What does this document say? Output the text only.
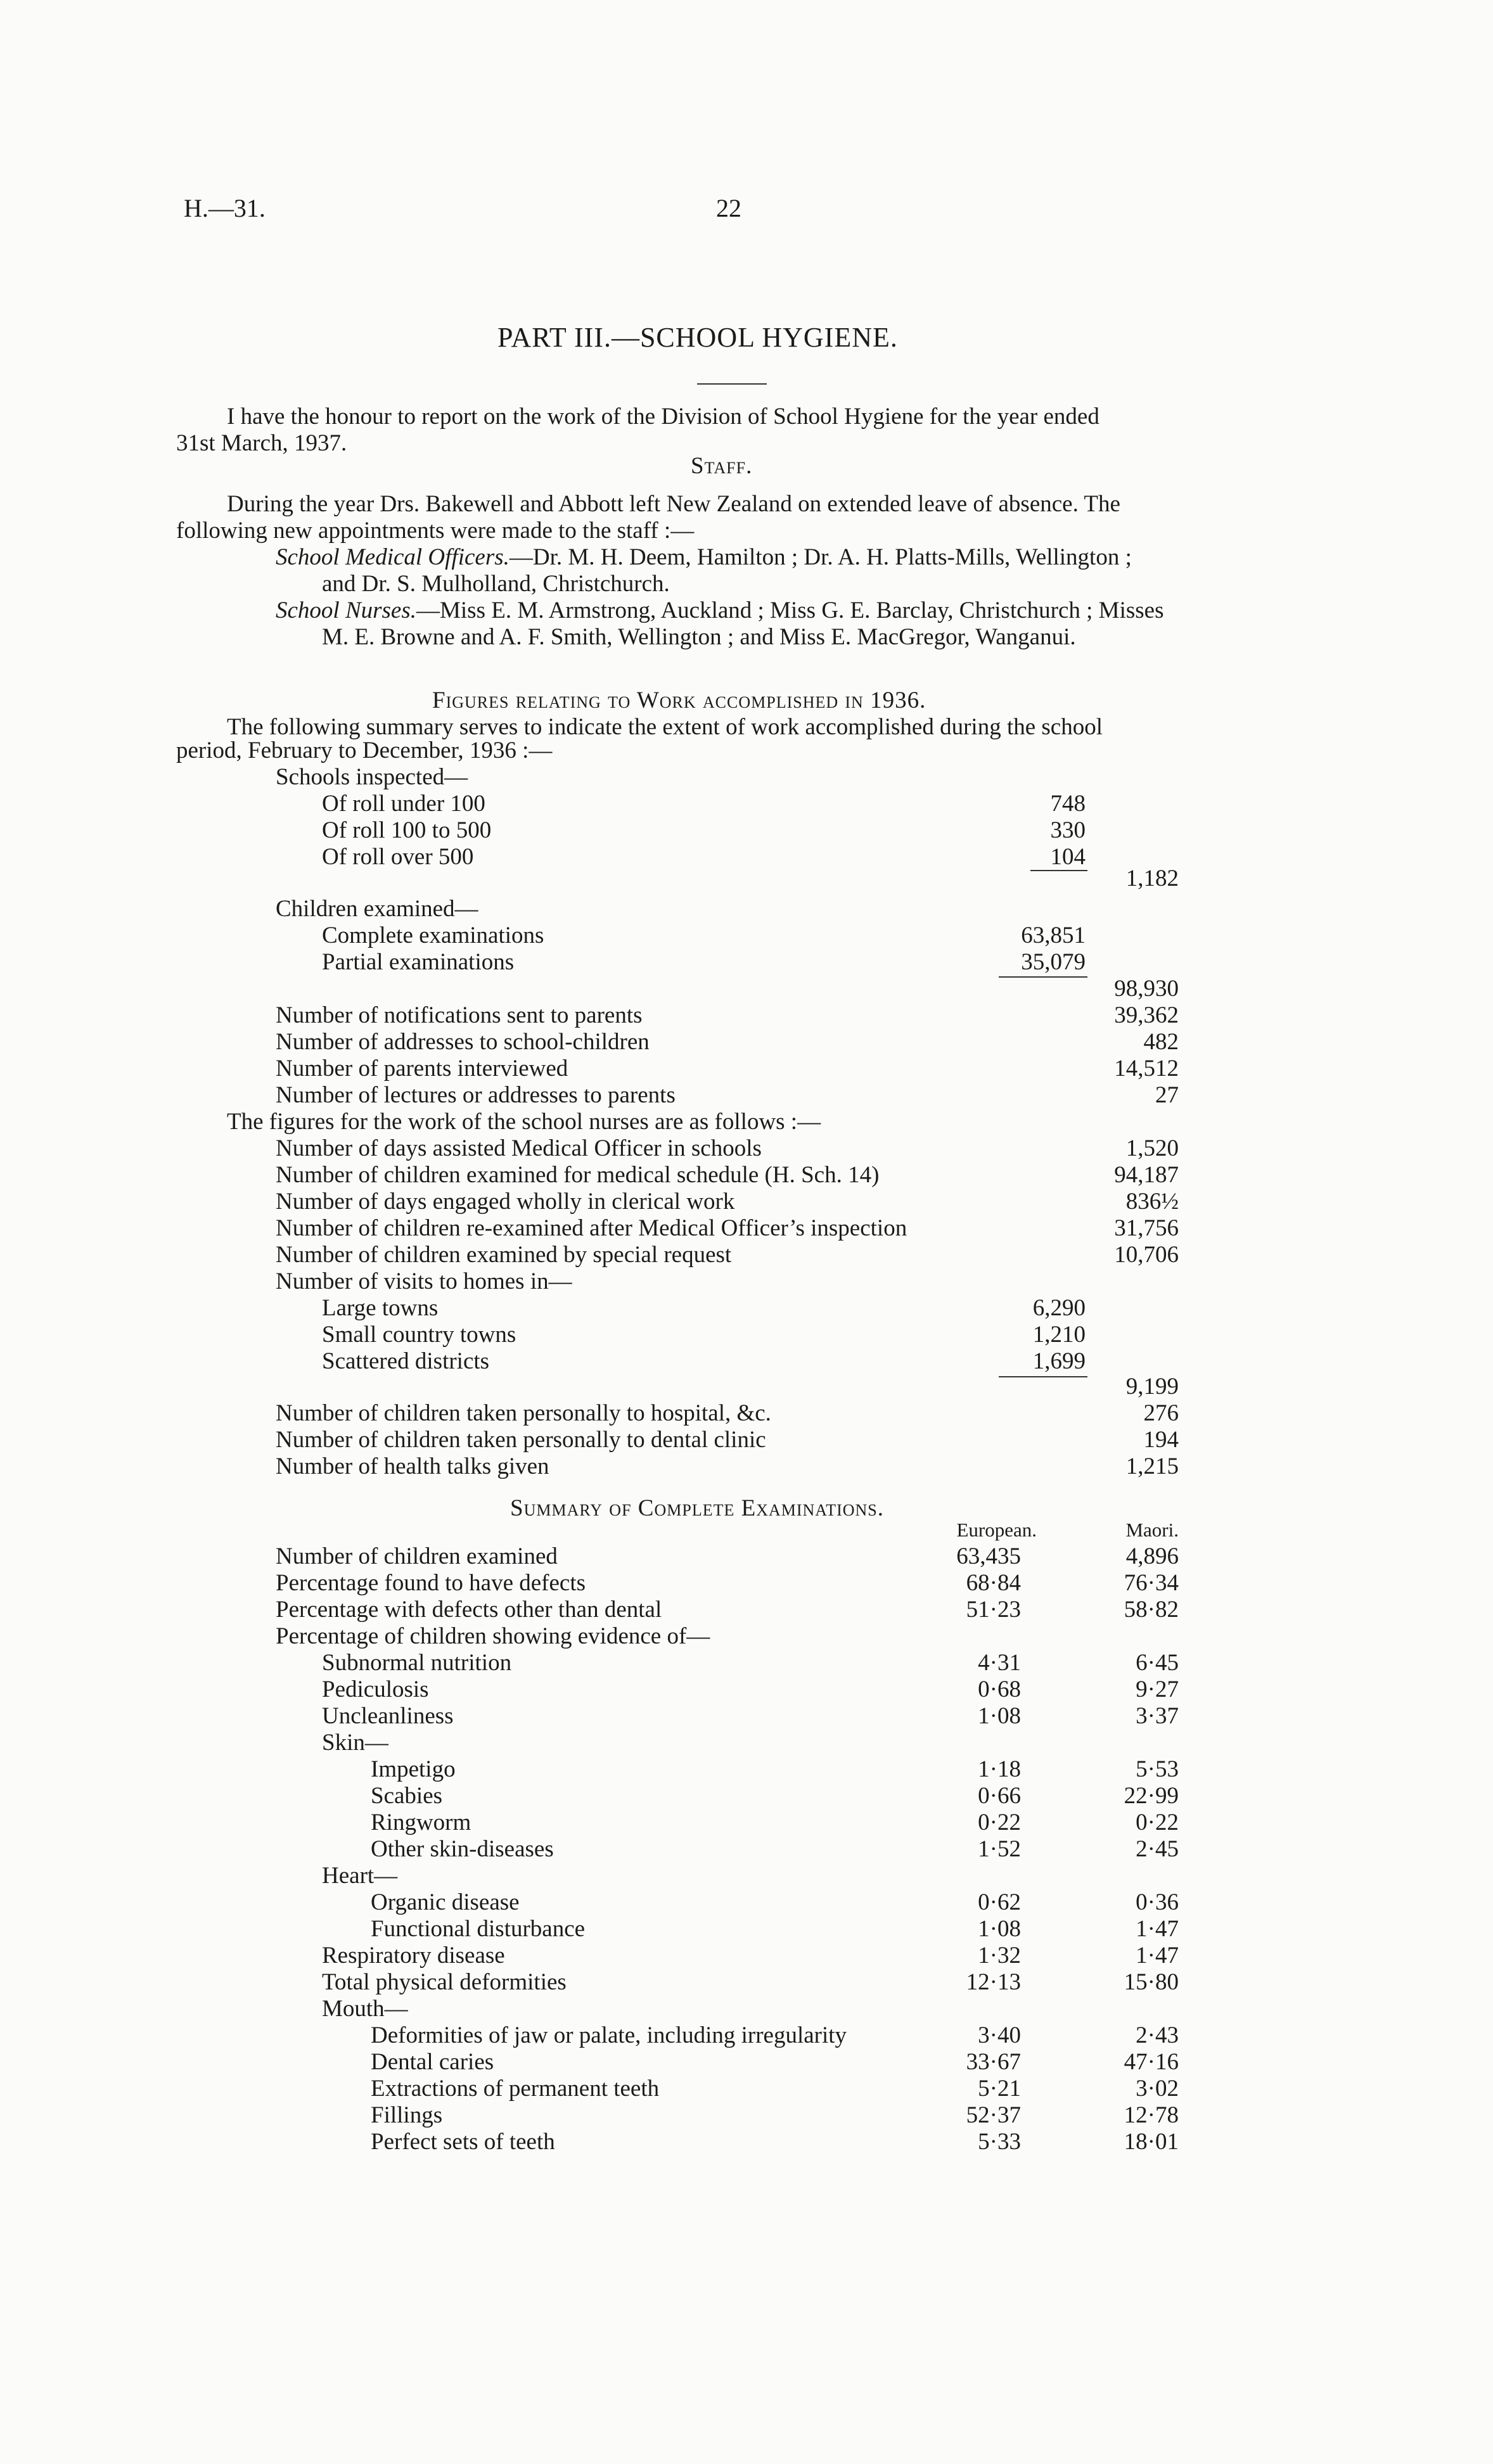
H.—31.	22
PART III.—SCHOOL HYGIENE.
I have the honour to report on the work of the Division of School Hygiene for the year ended
31st March, 1937.
Staff.
During the year Drs. Bakewell and Abbott left New Zealand on extended leave of absence. The
following new appointments were made to the staff :—
School Medical Officers.—Dr. M. H. Deem, Hamilton ; Dr. A. H. Platts-Mills, Wellington ;
and Dr. S. Mulholland, Christchurch.
School Nurses.—Miss E. M. Armstrong, Auckland ; Miss G. E. Barclay, Christchurch ; Misses
M. E. Browne and A. F. Smith, Wellington ; and Miss E. MacGregor, Wanganui.
Figures relating to Work accomplished in 1936.
The following summary serves to indicate the extent of work accomplished during the school
period, February to December, 1936 :—
Schools inspected—
Of roll under 100	748
Of roll 100 to 500	330
Of roll over 500	104
1,182
Children examined—
Complete examinations	63,851
Partial examinations	35,079
98,930
Number of notifications sent to parents	39,362
Number of addresses to school-children	482
Number of parents interviewed	14,512
Number of lectures or addresses to parents	27
The figures for the work of the school nurses are as follows :—
Number of days assisted Medical Officer in schools	1,520
Number of children examined for medical schedule (H. Sch. 14)	94,187
Number of days engaged wholly in clerical work	836½
Number of children re-examined after Medical Officer’s inspection	31,756
Number of children examined by special request	10,706
Number of visits to homes in—
Large towns	6,290
Small country towns	1,210
Scattered districts	1,699
9,199
Number of children taken personally to hospital, &c.	276
Number of children taken personally to dental clinic	194
Number of health talks given	1,215
Summary of Complete Examinations.
European.	Maori.
Number of children examined	63,435	4,896
Percentage found to have defects	68·84	76·34
Percentage with defects other than dental	51·23	58·82
Percentage of children showing evidence of—
Subnormal nutrition	4·31	6·45
Pediculosis	0·68	9·27
Uncleanliness	1·08	3·37
Skin—
Impetigo	1·18	5·53
Scabies	0·66	22·99
Ringworm	0·22	0·22
Other skin-diseases	1·52	2·45
Heart—
Organic disease	0·62	0·36
Functional disturbance	1·08	1·47
Respiratory disease	1·32	1·47
Total physical deformities	12·13	15·80
Mouth—
Deformities of jaw or palate, including irregularity	3·40	2·43
Dental caries	33·67	47·16
Extractions of permanent teeth	5·21	3·02
Fillings	52·37	12·78
Perfect sets of teeth	5·33	18·01
